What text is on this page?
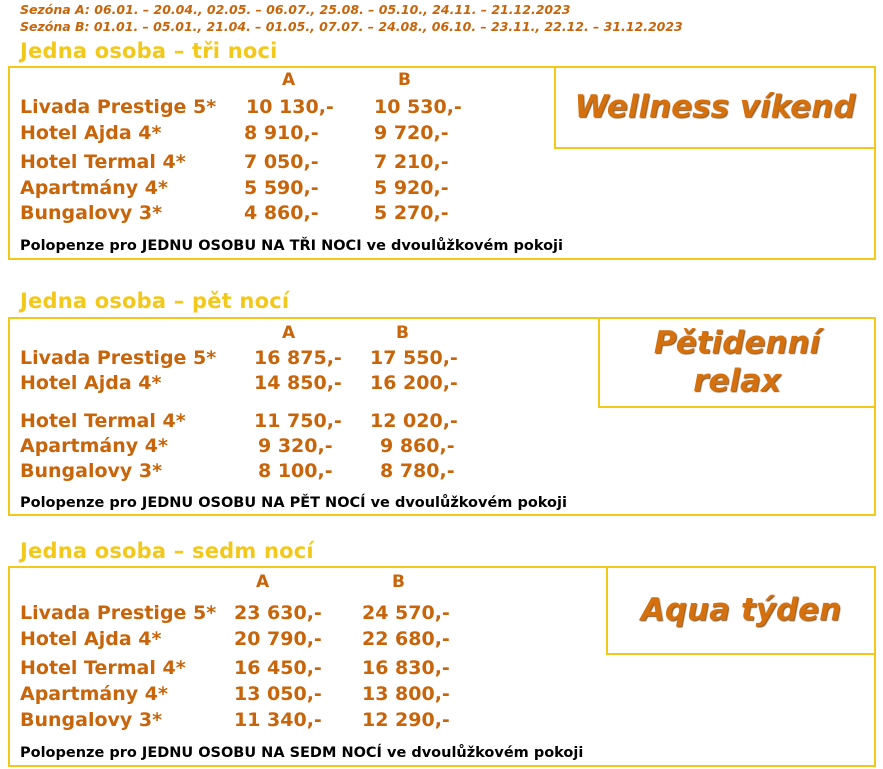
Sezóna A: 06.01. – 20.04., 02.05. – 06.07., 25.08. – 05.10., 24.11. – 21.12.2023
Sezóna B: 01.01. – 05.01., 21.04. – 01.05., 07.07. – 24.08., 06.10. – 23.11., 22.12. – 31.12.2023
Jedna osoba – tři noci
A	B
Wellness víkend
Livada Prestige 5* 10 130,- 10 530,-
Hotel Ajda 4*	8 910,-	9 720,-
Hotel Termal 4*	7 050,-	7 210,-
Apartmány 4*	5 590,-	5 920,-
Bungalovy 3*	4 860,-	5 270,-
Polopenze pro JEDNU OSOBU NA TŘI NOCI ve dvoulůžkovém pokoji
Jedna osoba – pět nocí
A	B	Pětidenní relax
Livada Prestige 5* 16 875,- 17 550,-
Hotel Ajda 4*	14 850,- 16 200,-
Hotel Termal 4*	11 750,- 12 020,-
Apartmány 4*	9 320,- 9 860,-
Bungalovy 3*	8 100,- 8 780,-
Polopenze pro JEDNU OSOBU NA PĚT NOCÍ ve dvoulůžkovém pokoji
Jedna osoba – sedm nocí
A	B
Aqua týden
Livada Prestige 5* 23 630,- 24 570,-
Hotel Ajda 4*	20 790,- 22 680,-
Hotel Termal 4*	16 450,- 16 830,-
Apartmány 4*	13 050,- 13 800,-
Bungalovy 3*	11 340,- 12 290,-
Polopenze pro JEDNU OSOBU NA SEDM NOCÍ ve dvoulůžkovém pokoji
